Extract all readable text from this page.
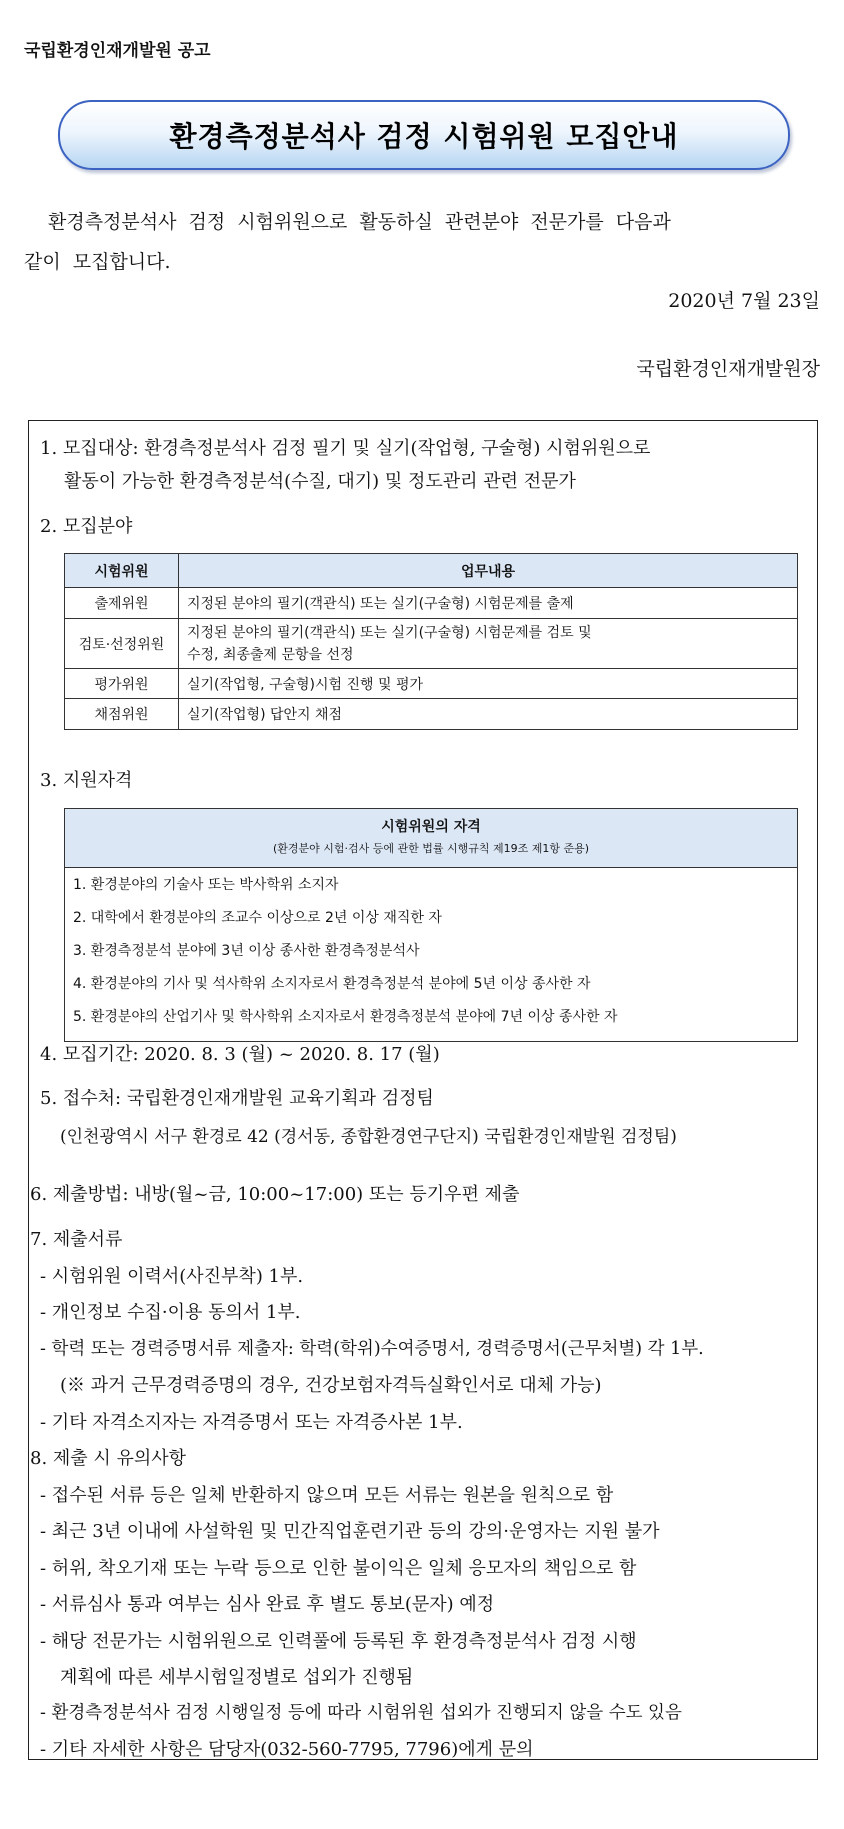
국립환경인재개발원 공고
환경측정분석사 검정 시험위원 모집안내
환경측정분석사 검정 시험위원으로 활동하실 관련분야 전문가를 다음과
같이 모집합니다.
2020년 7월 23일
국립환경인재개발원장
1. 모집대상: 환경측정분석사 검정 필기 및 실기(작업형, 구술형) 시험위원으로
활동이 가능한 환경측정분석(수질, 대기) 및 정도관리 관련 전문가
2. 모집분야
시험위원	업무내용
출제위원	지정된 분야의 필기(객관식) 또는 실기(구술형) 시험문제를 출제
검토·선정위원	지정된 분야의 필기(객관식) 또는 실기(구술형) 시험문제를 검토 및
수정, 최종출제 문항을 선정

평가위원	실기(작업형, 구술형)시험 진행 및 평가
채점위원	실기(작업형) 답안지 채점
3. 지원자격
시험위원의 자격
(환경분야 시험·검사 등에 관한 법률 시행규칙 제19조 제1항 준용)

1. 환경분야의 기술사 또는 박사학위 소지자
2. 대학에서 환경분야의 조교수 이상으로 2년 이상 재직한 자
3. 환경측정분석 분야에 3년 이상 종사한 환경측정분석사
4. 환경분야의 기사 및 석사학위 소지자로서 환경측정분석 분야에 5년 이상 종사한 자
5. 환경분야의 산업기사 및 학사학위 소지자로서 환경측정분석 분야에 7년 이상 종사한 자
4. 모집기간: 2020. 8. 3 (월) ~ 2020. 8. 17 (월)
5. 접수처: 국립환경인재개발원 교육기획과 검정팀
(인천광역시 서구 환경로 42 (경서동, 종합환경연구단지) 국립환경인재발원 검정팀)
6. 제출방법: 내방(월~금, 10:00~17:00) 또는 등기우편 제출
7. 제출서류
- 시험위원 이력서(사진부착) 1부.
- 개인정보 수집·이용 동의서 1부.
- 학력 또는 경력증명서류 제출자: 학력(학위)수여증명서, 경력증명서(근무처별) 각 1부.
(※ 과거 근무경력증명의 경우, 건강보험자격득실확인서로 대체 가능)
- 기타 자격소지자는 자격증명서 또는 자격증사본 1부.
8. 제출 시 유의사항
- 접수된 서류 등은 일체 반환하지 않으며 모든 서류는 원본을 원칙으로 함
- 최근 3년 이내에 사설학원 및 민간직업훈련기관 등의 강의·운영자는 지원 불가
- 허위, 착오기재 또는 누락 등으로 인한 불이익은 일체 응모자의 책임으로 함
- 서류심사 통과 여부는 심사 완료 후 별도 통보(문자) 예정
- 해당 전문가는 시험위원으로 인력풀에 등록된 후 환경측정분석사 검정 시행
계획에 따른 세부시험일정별로 섭외가 진행됨
- 환경측정분석사 검정 시행일정 등에 따라 시험위원 섭외가 진행되지 않을 수도 있음
- 기타 자세한 사항은 담당자(032-560-7795, 7796)에게 문의
